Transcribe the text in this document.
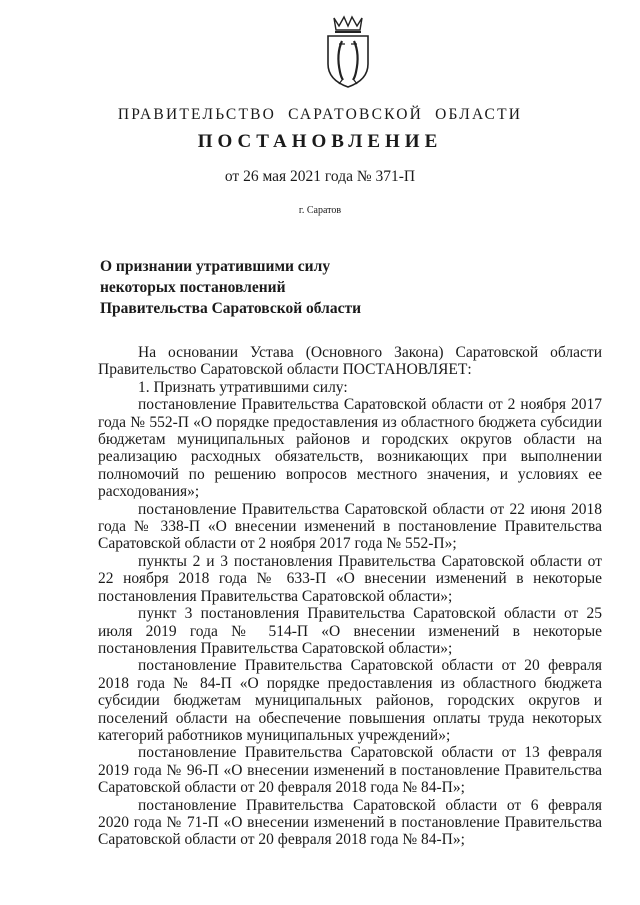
ПРАВИТЕЛЬСТВО САРАТОВСКОЙ ОБЛАСТИ
ПОСТАНОВЛЕНИЕ
от 26 мая 2021 года № 371-П
г. Саратов
О признании утратившими силу
некоторых постановлений
Правительства Саратовской области

На основании Устава (Основного Закона) Саратовской области Правительство Саратовской области ПОСТАНОВЛЯЕТ:

1. Признать утратившими силу:

постановление Правительства Саратовской области от 2 ноября 2017 года № 552-П «О порядке предоставления из областного бюджета субсидии бюджетам муниципальных районов и городских округов области на реализацию расходных обязательств, возникающих при выполнении полномочий по решению вопросов местного значения, и условиях ее расходования»;

постановление Правительства Саратовской области от 22 июня 2018 года № 338-П «О внесении изменений в постановление Правительства Саратовской области от 2 ноября 2017 года № 552-П»;

пункты 2 и 3 постановления Правительства Саратовской области от 22 ноября 2018 года № 633-П «О внесении изменений в некоторые постановления Правительства Саратовской области»;

пункт 3 постановления Правительства Саратовской области от 25 июля 2019 года № 514-П «О внесении изменений в некоторые постановления Правительства Саратовской области»;

постановление Правительства Саратовской области от 20 февраля 2018 года № 84-П «О порядке предоставления из областного бюджета субсидии бюджетам муниципальных районов, городских округов и поселений области на обеспечение повышения оплаты труда некоторых категорий работников муниципальных учреждений»;

постановление Правительства Саратовской области от 13 февраля 2019 года № 96-П «О внесении изменений в постановление Правительства Саратовской области от 20 февраля 2018 года № 84-П»;

постановление Правительства Саратовской области от 6 февраля 2020 года № 71-П «О внесении изменений в постановление Правительства Саратовской области от 20 февраля 2018 года № 84-П»;
